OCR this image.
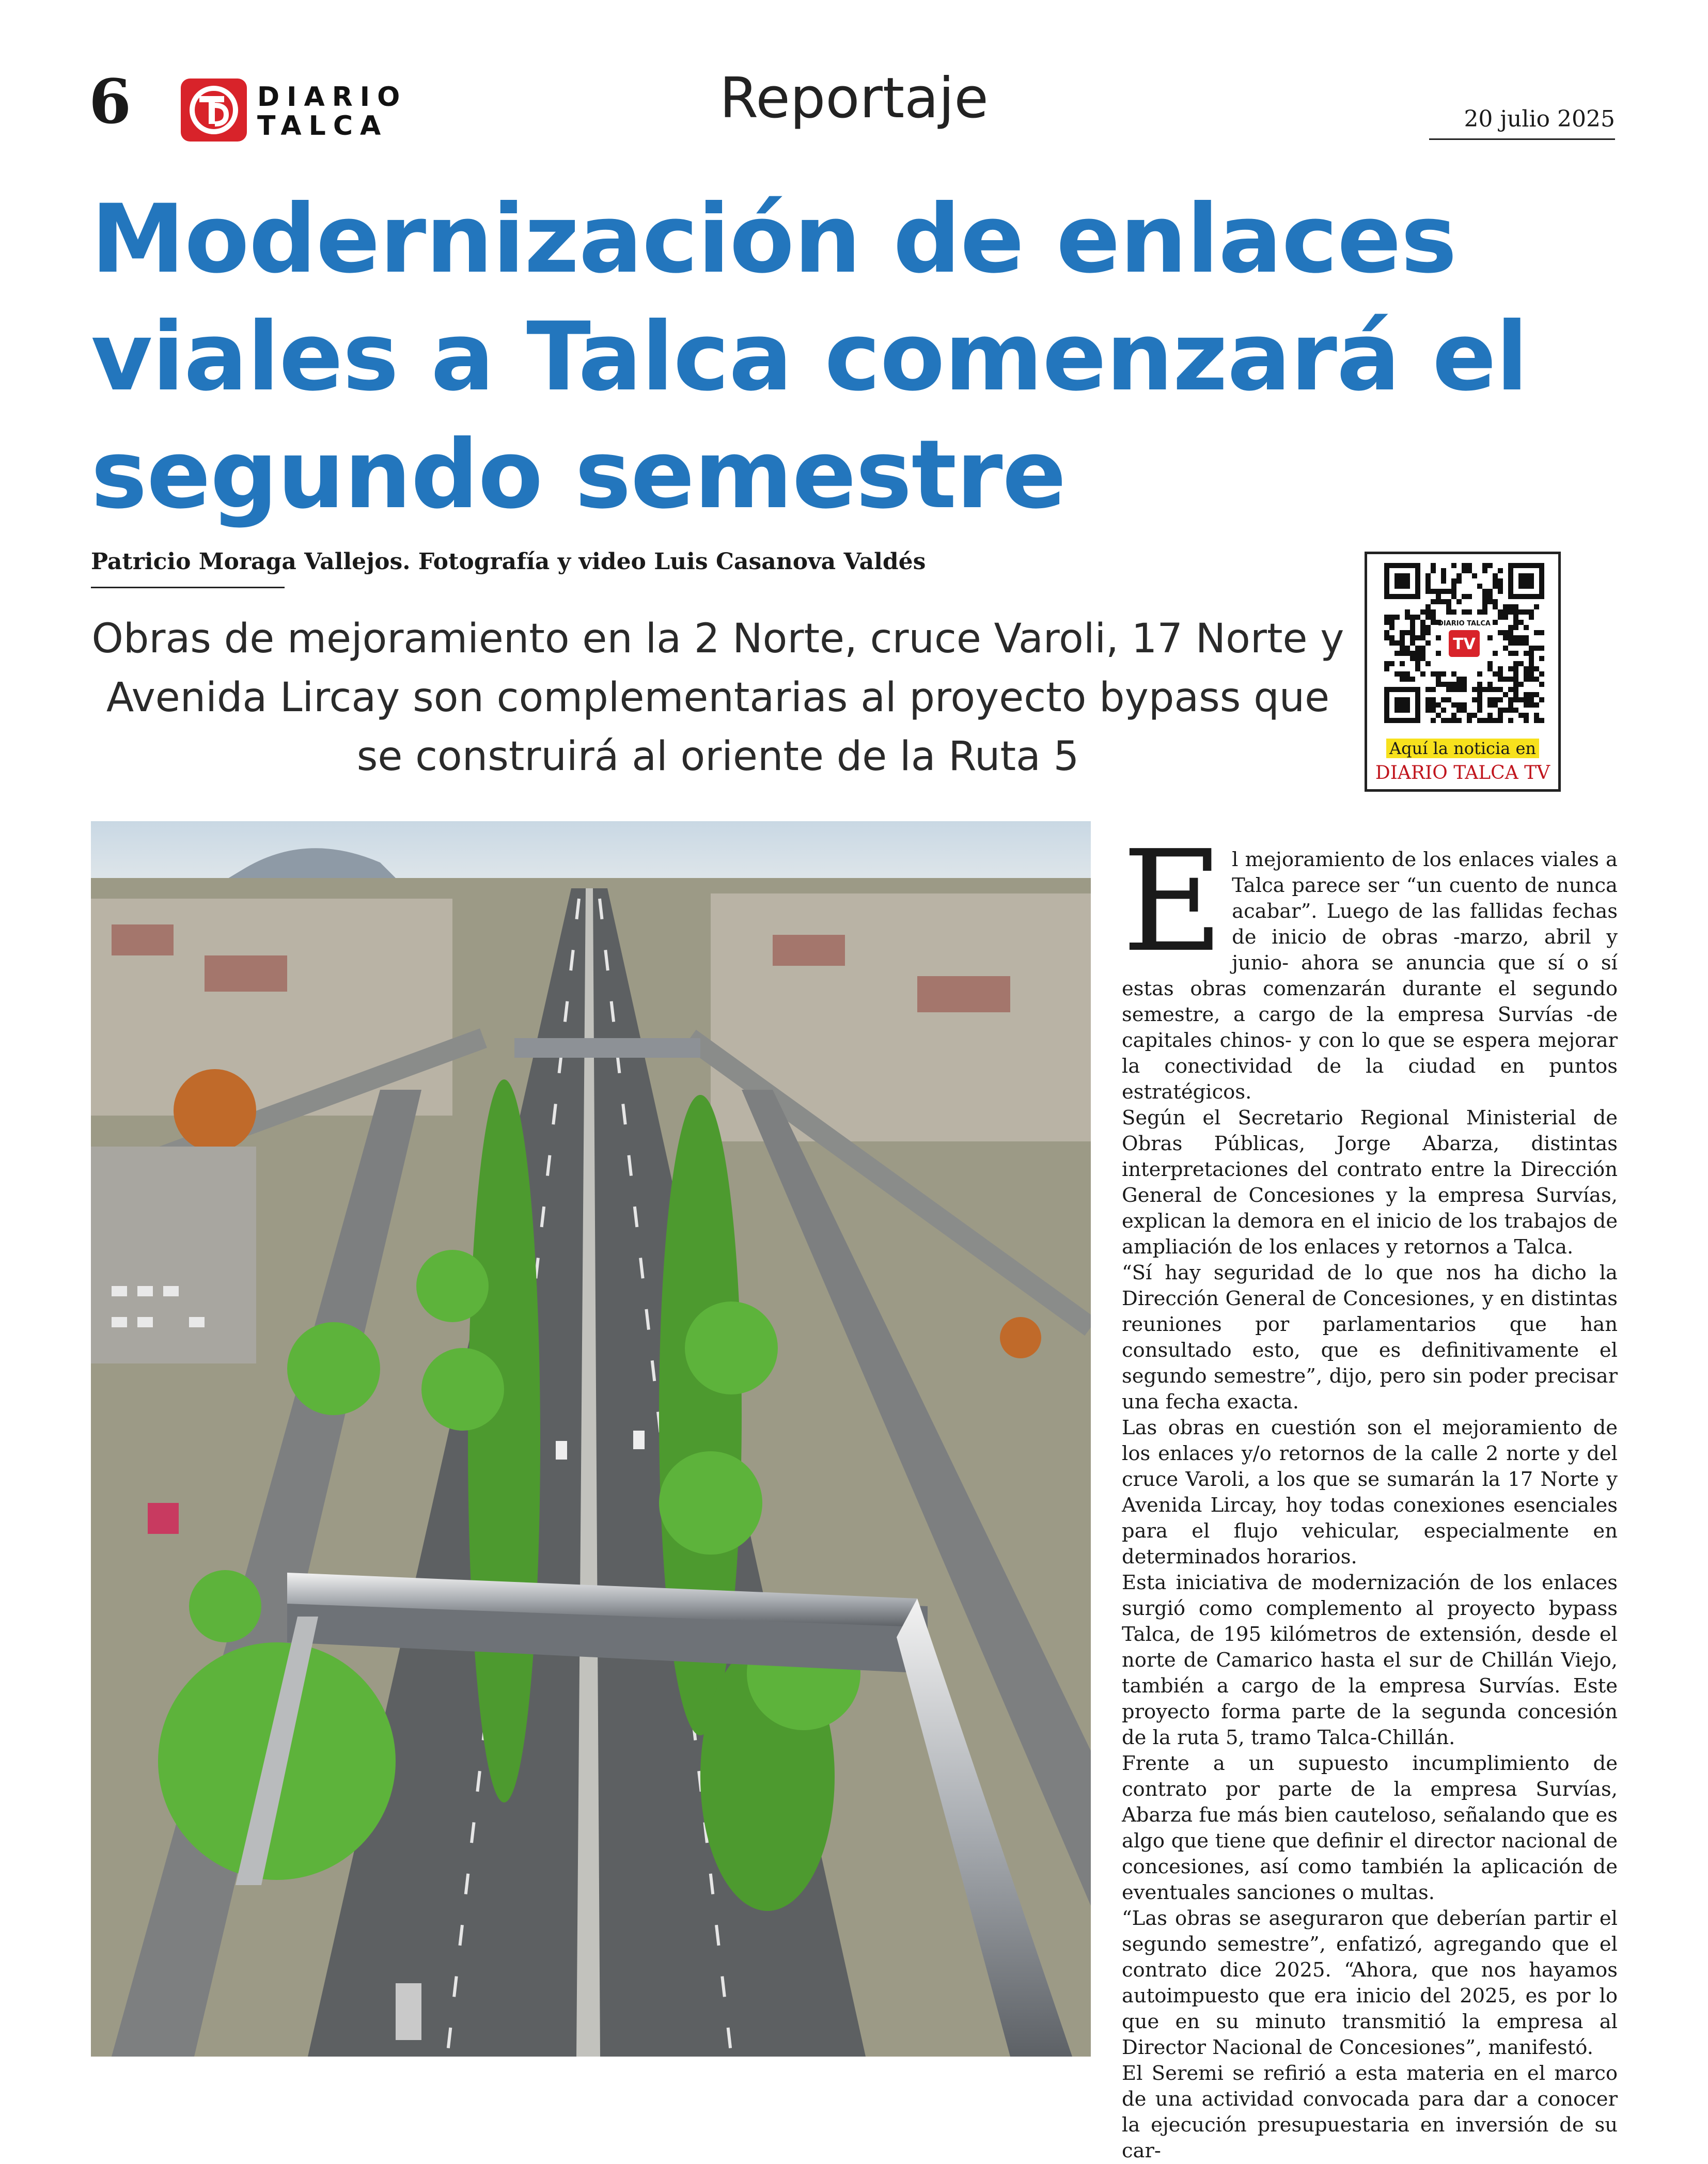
6	DIARIO
TALCA	Reportaje	20 julio 2025
Modernización de enlaces viales a Talca comenzará el segundo semestre
Patricio Moraga Vallejos. Fotografía y video Luis Casanova Valdés
Obras de mejoramiento en la 2 Norte, cruce Varoli, 17 Norte y Avenida Lircay son complementarias al proyecto bypass que se construirá al oriente de la Ruta 5
DIARIO TALCA
TV
Aquí la noticia en
DIARIO TALCA TV
E l mejoramiento de los enlaces viales a Talca parece ser “un cuento de nunca acabar”. Luego de las fallidas fechas de inicio de obras -marzo, abril y junio- ahora se anuncia que sí o sí estas obras comenzarán durante el segundo semestre, a cargo de la empresa Survías -de capitales chinos- y con lo que se espera mejorar la conectividad de la ciudad en puntos estratégicos.

Según el Secretario Regional Ministerial de Obras Públicas, Jorge Abarza, distintas interpretaciones del contrato entre la Dirección General de Concesiones y la empresa Survías, explican la demora en el inicio de los trabajos de ampliación de los enlaces y retornos a Talca.

“Sí hay seguridad de lo que nos ha dicho la Dirección General de Concesiones, y en distintas reuniones por parlamentarios que han consultado esto, que es definitivamente el segundo semestre”, dijo, pero sin poder precisar una fecha exacta.

Las obras en cuestión son el mejoramiento de los enlaces y/o retornos de la calle 2 norte y del cruce Varoli, a los que se sumarán la 17 Norte y Avenida Lircay, hoy todas conexiones esenciales para el flujo vehicular, especialmente en determinados horarios.

Esta iniciativa de modernización de los enlaces surgió como complemento al proyecto bypass Talca, de 195 kilómetros de extensión, desde el norte de Camarico hasta el sur de Chillán Viejo, también a cargo de la empresa Survías. Este proyecto forma parte de la segunda concesión de la ruta 5, tramo Talca-Chillán.

Frente a un supuesto incumplimiento de contrato por parte de la empresa Survías, Abarza fue más bien cauteloso, señalando que es algo que tiene que definir el director nacional de concesiones, así como también la aplicación de eventuales sanciones o multas.

“Las obras se aseguraron que deberían partir el segundo semestre”, enfatizó, agregando que el contrato dice 2025. “Ahora, que nos hayamos autoimpuesto que era inicio del 2025, es por lo que en su minuto transmitió la empresa al Director Nacional de Concesiones”, manifestó.

El Seremi se refirió a esta materia en el marco de una actividad convocada para dar a conocer la ejecución presupuestaria en inversión de su car-
